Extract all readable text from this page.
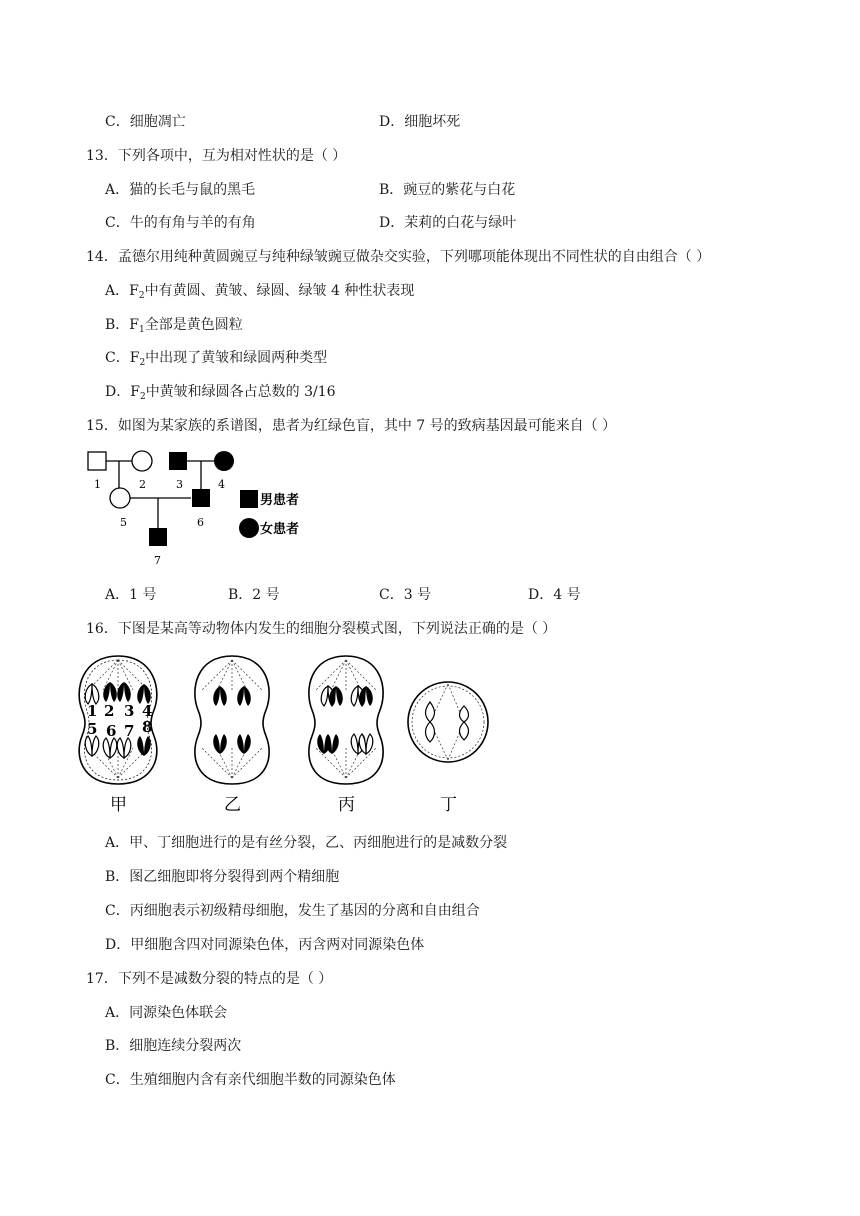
C．细胞凋亡	D．细胞坏死
13．下列各项中，互为相对性状的是（ ）
A．猫的长毛与鼠的黑毛	B．豌豆的紫花与白花
C．牛的有角与羊的有角	D．茉莉的白花与绿叶
14．孟德尔用纯种黄圆豌豆与纯种绿皱豌豆做杂交实验，下列哪项能体现出不同性状的自由组合（ ）
A．$F_2$中有黄圆、黄皱、绿圆、绿皱 4 种性状表现
B．$F_1$全部是黄色圆粒
C．$F_2$中出现了黄皱和绿圆两种类型
D．$F_2$中黄皱和绿圆各占总数的 3/16
15．如图为某家族的系谱图，患者为红绿色盲，其中 7 号的致病基因最可能来自（ ）
1	2	3	4
5	6
7
男患者
女患者
A．1 号	B．2 号	C．3 号	D．4 号
16．下图是某高等动物体内发生的细胞分裂模式图，下列说法正确的是（ ）
1 2 3 4
5 6 7 8
甲	乙	丙	丁
A．甲、丁细胞进行的是有丝分裂，乙、丙细胞进行的是减数分裂
B．图乙细胞即将分裂得到两个精细胞
C．丙细胞表示初级精母细胞，发生了基因的分离和自由组合
D．甲细胞含四对同源染色体，丙含两对同源染色体
17．下列不是减数分裂的特点的是（ ）
A．同源染色体联会
B．细胞连续分裂两次
C．生殖细胞内含有亲代细胞半数的同源染色体
